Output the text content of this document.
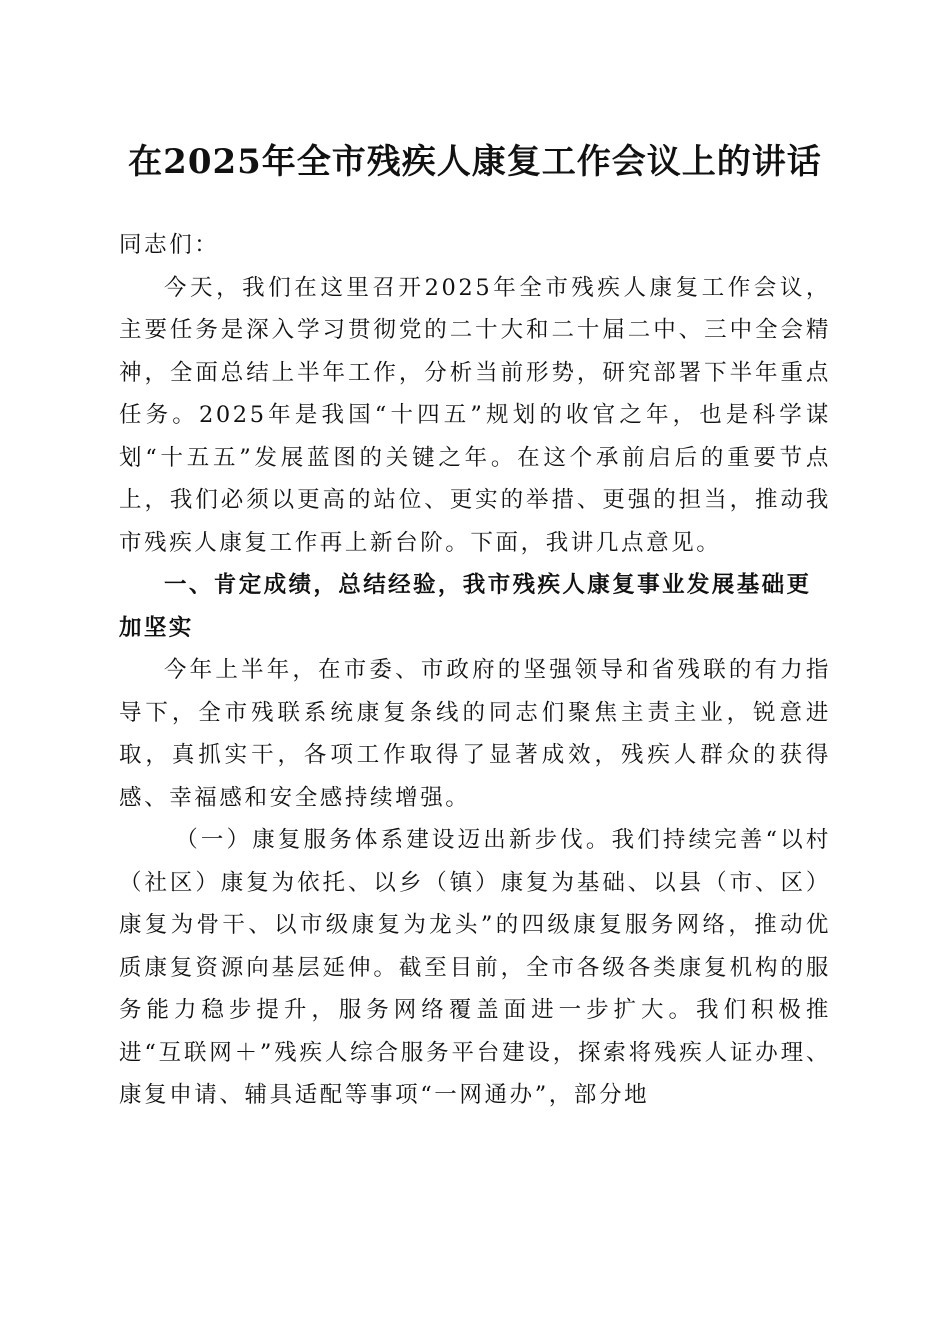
在2025年全市残疾人康复工作会议上的讲话

同志们：

今天，我们在这里召开2025年全市残疾人康复工作会议，主要任务是深入学习贯彻党的二十大和二十届二中、三中全会精神，全面总结上半年工作，分析当前形势，研究部署下半年重点任务。2025年是我国“十四五”规划的收官之年，也是科学谋划“十五五”发展蓝图的关键之年。在这个承前启后的重要节点上，我们必须以更高的站位、更实的举措、更强的担当，推动我市残疾人康复工作再上新台阶。下面，我讲几点意见。

一、肯定成绩，总结经验，我市残疾人康复事业发展基础更加坚实

今年上半年，在市委、市政府的坚强领导和省残联的有力指导下，全市残联系统康复条线的同志们聚焦主责主业，锐意进取，真抓实干，各项工作取得了显著成效，残疾人群众的获得感、幸福感和安全感持续增强。

（一）康复服务体系建设迈出新步伐。我们持续完善“以村（社区）康复为依托、以乡（镇）康复为基础、以县（市、区）康复为骨干、以市级康复为龙头”的四级康复服务网络，推动优质康复资源向基层延伸。截至目前，全市各级各类康复机构的服务能力稳步提升，服务网络覆盖面进一步扩大。我们积极推进“互联网＋”残疾人综合服务平台建设，探索将残疾人证办理、康复申请、辅具适配等事项“一网通办”，部分地
